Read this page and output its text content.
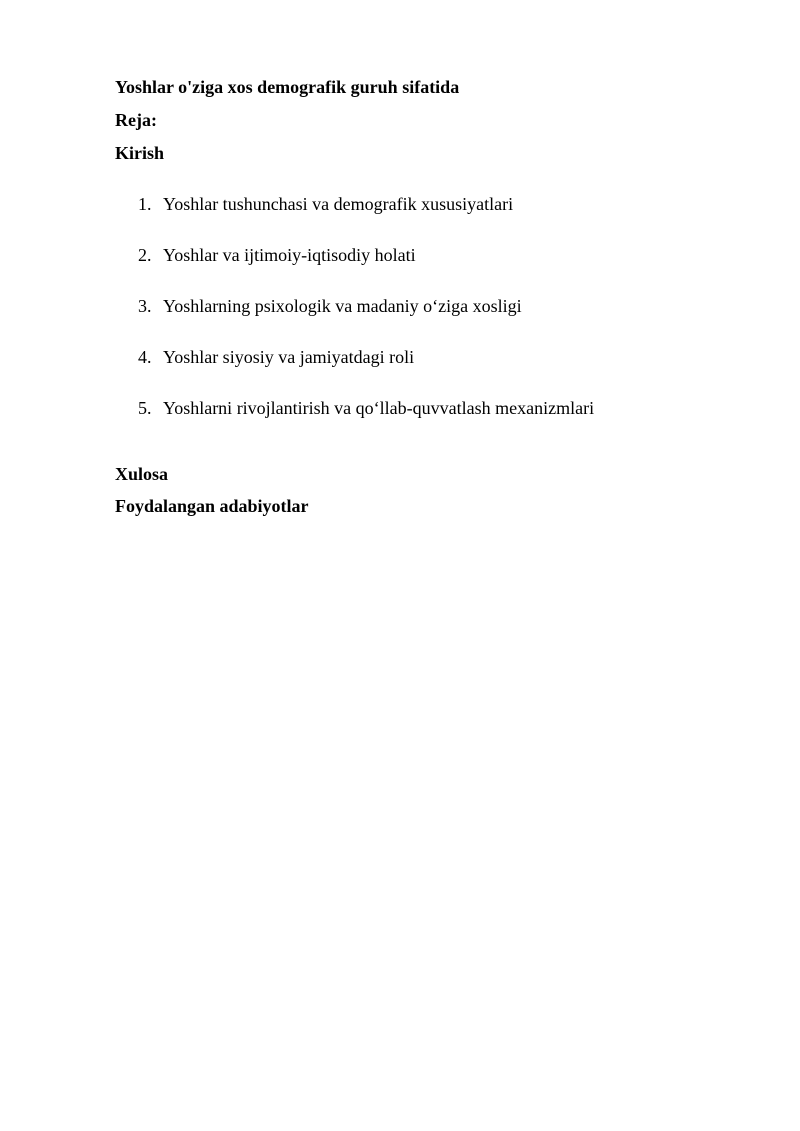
Yoshlar o'ziga xos demografik guruh sifatida
Reja:
Kirish
1. Yoshlar tushunchasi va demografik xususiyatlari
2. Yoshlar va ijtimoiy-iqtisodiy holati
3. Yoshlarning psixologik va madaniy o‘ziga xosligi
4. Yoshlar siyosiy va jamiyatdagi roli
5. Yoshlarni rivojlantirish va qo‘llab-quvvatlash mexanizmlari
Xulosa
Foydalangan adabiyotlar
